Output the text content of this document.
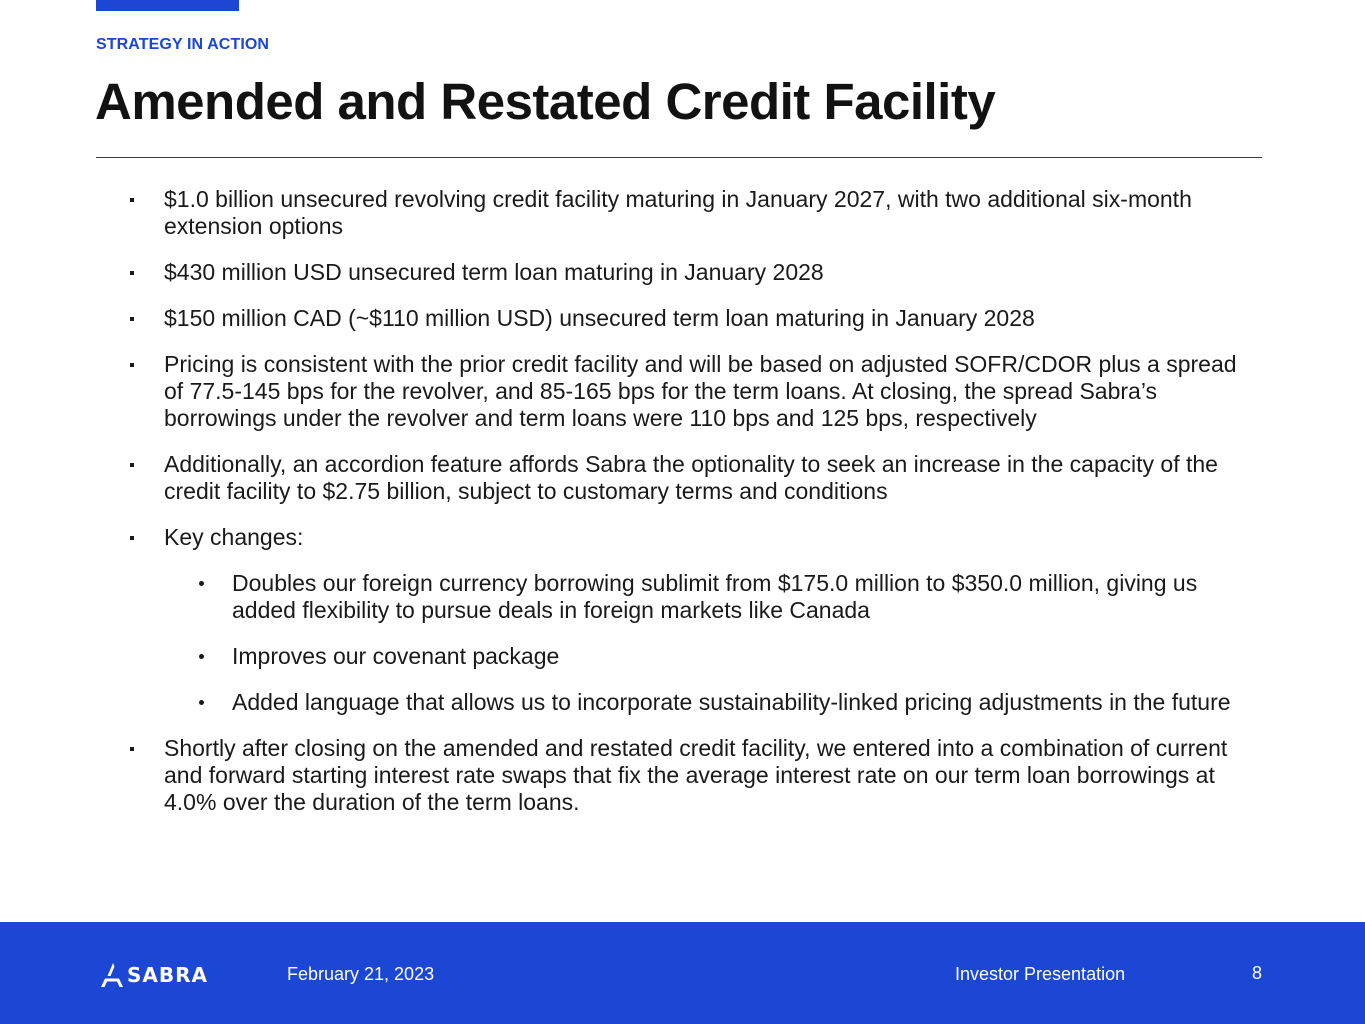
STRATEGY IN ACTION
Amended and Restated Credit Facility
$1.0 billion unsecured revolving credit facility maturing in January 2027, with two additional six-month extension options
$430 million USD unsecured term loan maturing in January 2028
$150 million CAD (~$110 million USD) unsecured term loan maturing in January 2028
Pricing is consistent with the prior credit facility and will be based on adjusted SOFR/CDOR plus a spread of 77.5-145 bps for the revolver, and 85-165 bps for the term loans. At closing, the spread Sabra’s borrowings under the revolver and term loans were 110 bps and 125 bps, respectively
Additionally, an accordion feature affords Sabra the optionality to seek an increase in the capacity of the credit facility to $2.75 billion, subject to customary terms and conditions
Key changes:
Doubles our foreign currency borrowing sublimit from $175.0 million to $350.0 million, giving us added flexibility to pursue deals in foreign markets like Canada
Improves our covenant package
Added language that allows us to incorporate sustainability-linked pricing adjustments in the future
Shortly after closing on the amended and restated credit facility, we entered into a combination of current and forward starting interest rate swaps that fix the average interest rate on our term loan borrowings at 4.0% over the duration of the term loans.
SABRA	February 21, 2023	Investor Presentation	8
